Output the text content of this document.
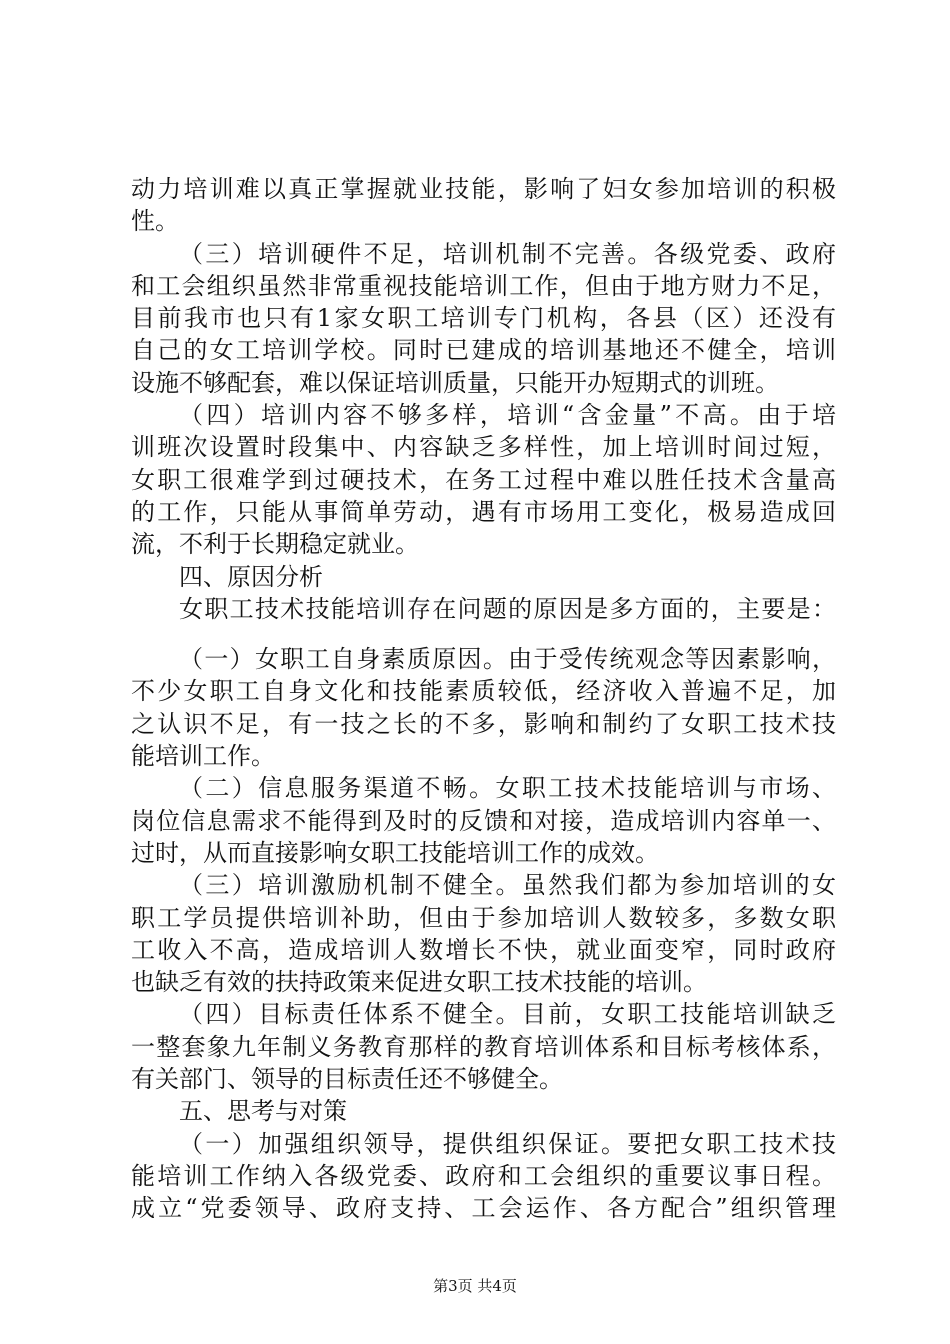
动力培训难以真正掌握就业技能，影响了妇女参加培训的积极
性。
（三）培训硬件不足，培训机制不完善。各级党委、政府
和工会组织虽然非常重视技能培训工作，但由于地方财力不足，
目前我市也只有1家女职工培训专门机构，各县（区）还没有
自己的女工培训学校。同时已建成的培训基地还不健全，培训
设施不够配套，难以保证培训质量，只能开办短期式的训班。
（四）培训内容不够多样，培训“含金量”不高。由于培
训班次设置时段集中、内容缺乏多样性，加上培训时间过短，
女职工很难学到过硬技术，在务工过程中难以胜任技术含量高
的工作，只能从事简单劳动，遇有市场用工变化，极易造成回
流，不利于长期稳定就业。
四、原因分析
女职工技术技能培训存在问题的原因是多方面的，主要是：
（一）女职工自身素质原因。由于受传统观念等因素影响，
不少女职工自身文化和技能素质较低，经济收入普遍不足，加
之认识不足，有一技之长的不多，影响和制约了女职工技术技
能培训工作。
（二）信息服务渠道不畅。女职工技术技能培训与市场、
岗位信息需求不能得到及时的反馈和对接，造成培训内容单一、
过时，从而直接影响女职工技能培训工作的成效。
（三）培训激励机制不健全。虽然我们都为参加培训的女
职工学员提供培训补助，但由于参加培训人数较多，多数女职
工收入不高，造成培训人数增长不快，就业面变窄，同时政府
也缺乏有效的扶持政策来促进女职工技术技能的培训。
（四）目标责任体系不健全。目前，女职工技能培训缺乏
一整套象九年制义务教育那样的教育培训体系和目标考核体系，
有关部门、领导的目标责任还不够健全。
五、思考与对策
（一）加强组织领导，提供组织保证。要把女职工技术技
能培训工作纳入各级党委、政府和工会组织的重要议事日程。
成立“党委领导、政府支持、工会运作、各方配合”组织管理
第3页 共4页
